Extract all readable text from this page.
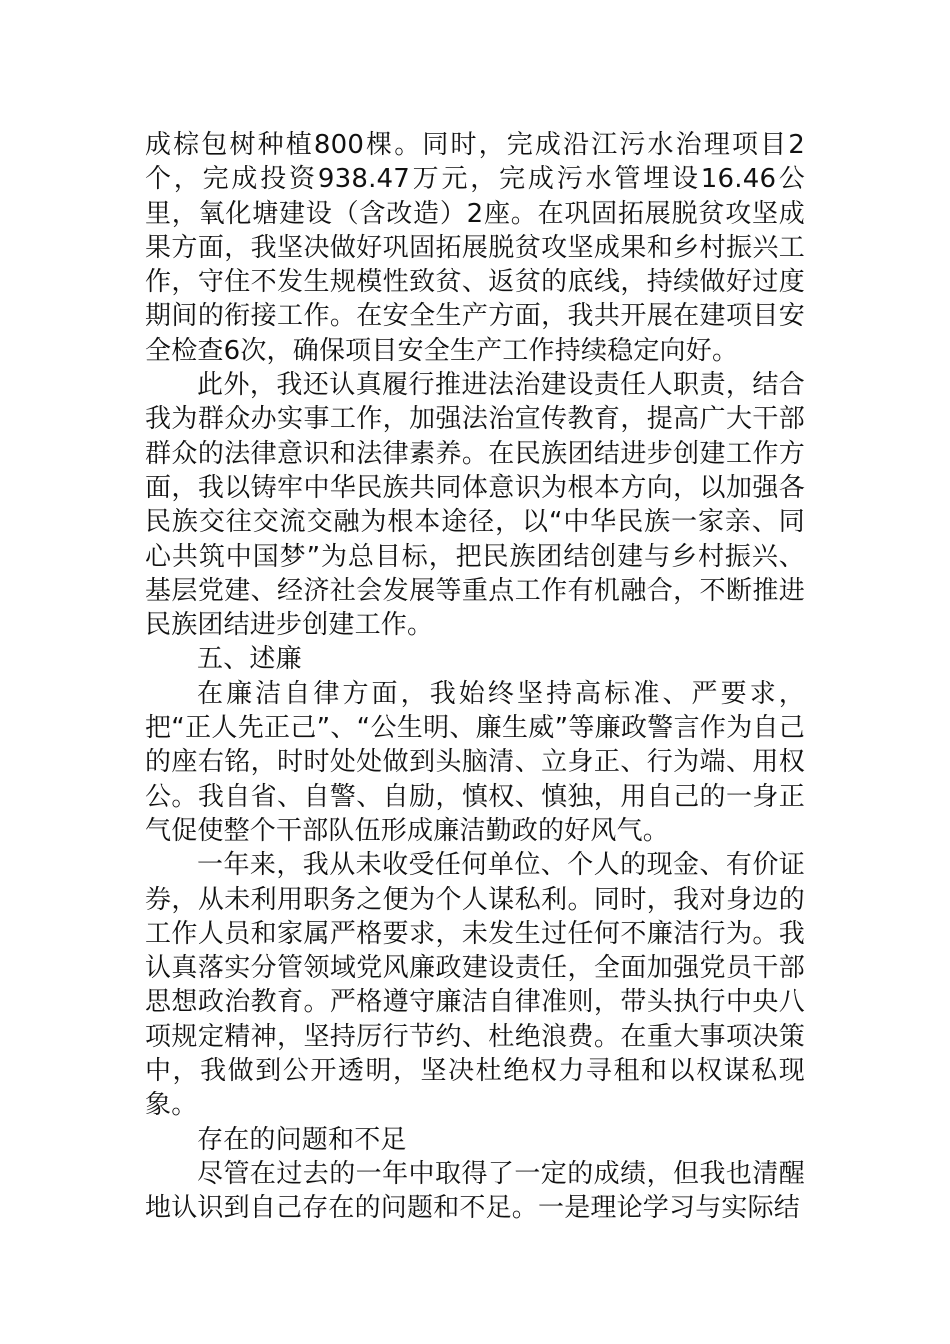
成棕包树种植800棵。同时，完成沿江污水治理项目2个，完成投资938.47万元，完成污水管埋设16.46公里，氧化塘建设（含改造）2座。在巩固拓展脱贫攻坚成果方面，我坚决做好巩固拓展脱贫攻坚成果和乡村振兴工作，守住不发生规模性致贫、返贫的底线，持续做好过度期间的衔接工作。在安全生产方面，我共开展在建项目安全检查6次，确保项目安全生产工作持续稳定向好。

此外，我还认真履行推进法治建设责任人职责，结合我为群众办实事工作，加强法治宣传教育，提高广大干部群众的法律意识和法律素养。在民族团结进步创建工作方面，我以铸牢中华民族共同体意识为根本方向，以加强各民族交往交流交融为根本途径，以“中华民族一家亲、同心共筑中国梦”为总目标，把民族团结创建与乡村振兴、基层党建、经济社会发展等重点工作有机融合，不断推进民族团结进步创建工作。

五、述廉

在廉洁自律方面，我始终坚持高标准、严要求，把“正人先正己”、“公生明、廉生威”等廉政警言作为自己的座右铭，时时处处做到头脑清、立身正、行为端、用权公。我自省、自警、自励，慎权、慎独，用自己的一身正气促使整个干部队伍形成廉洁勤政的好风气。

一年来，我从未收受任何单位、个人的现金、有价证券，从未利用职务之便为个人谋私利。同时，我对身边的工作人员和家属严格要求，未发生过任何不廉洁行为。我认真落实分管领域党风廉政建设责任，全面加强党员干部思想政治教育。严格遵守廉洁自律准则，带头执行中央八项规定精神，坚持厉行节约、杜绝浪费。在重大事项决策中，我做到公开透明，坚决杜绝权力寻租和以权谋私现象。

存在的问题和不足

尽管在过去的一年中取得了一定的成绩，但我也清醒地认识到自己存在的问题和不足。一是理论学习与实际结
